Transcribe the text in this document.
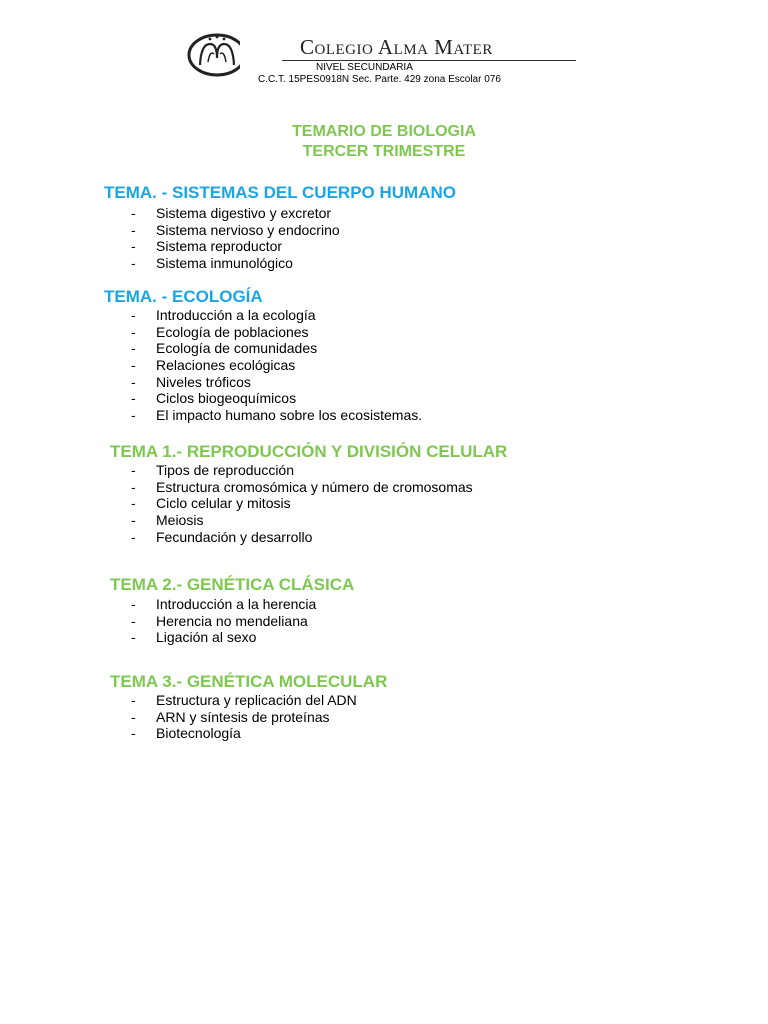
Colegio Alma Mater
NIVEL SECUNDARIA
C.C.T. 15PES0918N Sec. Parte. 429 zona Escolar 076
TEMARIO DE BIOLOGIA
TERCER TRIMESTRE
TEMA. - SISTEMAS DEL CUERPO HUMANO
- Sistema digestivo y excretor
- Sistema nervioso y endocrino
- Sistema reproductor
- Sistema inmunológico
TEMA. - ECOLOGÍA
- Introducción a la ecología
- Ecología de poblaciones
- Ecología de comunidades
- Relaciones ecológicas
- Niveles tróficos
- Ciclos biogeoquímicos
- El impacto humano sobre los ecosistemas.
TEMA 1.- REPRODUCCIÓN Y DIVISIÓN CELULAR
- Tipos de reproducción
- Estructura cromosómica y número de cromosomas
- Ciclo celular y mitosis
- Meiosis
- Fecundación y desarrollo
TEMA 2.- GENÉTICA CLÁSICA
- Introducción a la herencia
- Herencia no mendeliana
- Ligación al sexo
TEMA 3.- GENÉTICA MOLECULAR
- Estructura y replicación del ADN
- ARN y síntesis de proteínas
- Biotecnología
